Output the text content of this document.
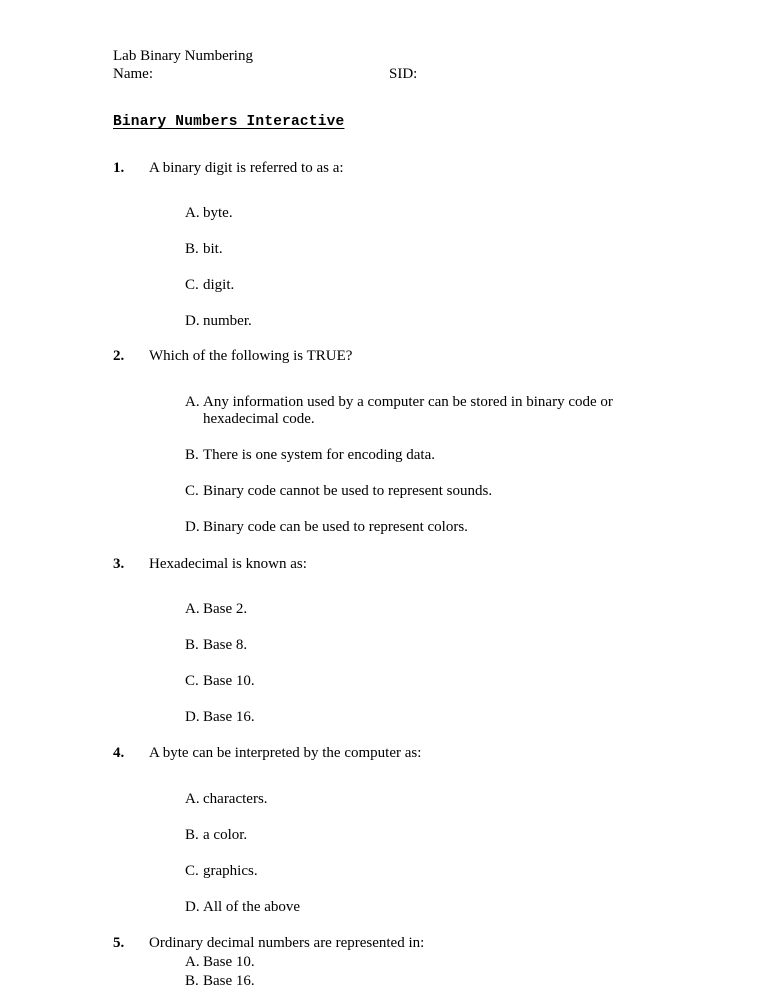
Lab Binary Numbering

Name:	SID:
Binary Numbers Interactive
1. A binary digit is referred to as a:
A. byte.
B. bit.
C. digit.
D. number.
2. Which of the following is TRUE?
A. Any information used by a computer can be stored in binary code or hexadecimal code.
B. There is one system for encoding data.
C. Binary code cannot be used to represent sounds.
D. Binary code can be used to represent colors.
3. Hexadecimal is known as:
A. Base 2.
B. Base 8.
C. Base 10.
D. Base 16.
4. A byte can be interpreted by the computer as:
A. characters.
B. a color.
C. graphics.
D. All of the above
5. Ordinary decimal numbers are represented in:
A. Base 10.
B. Base 16.
